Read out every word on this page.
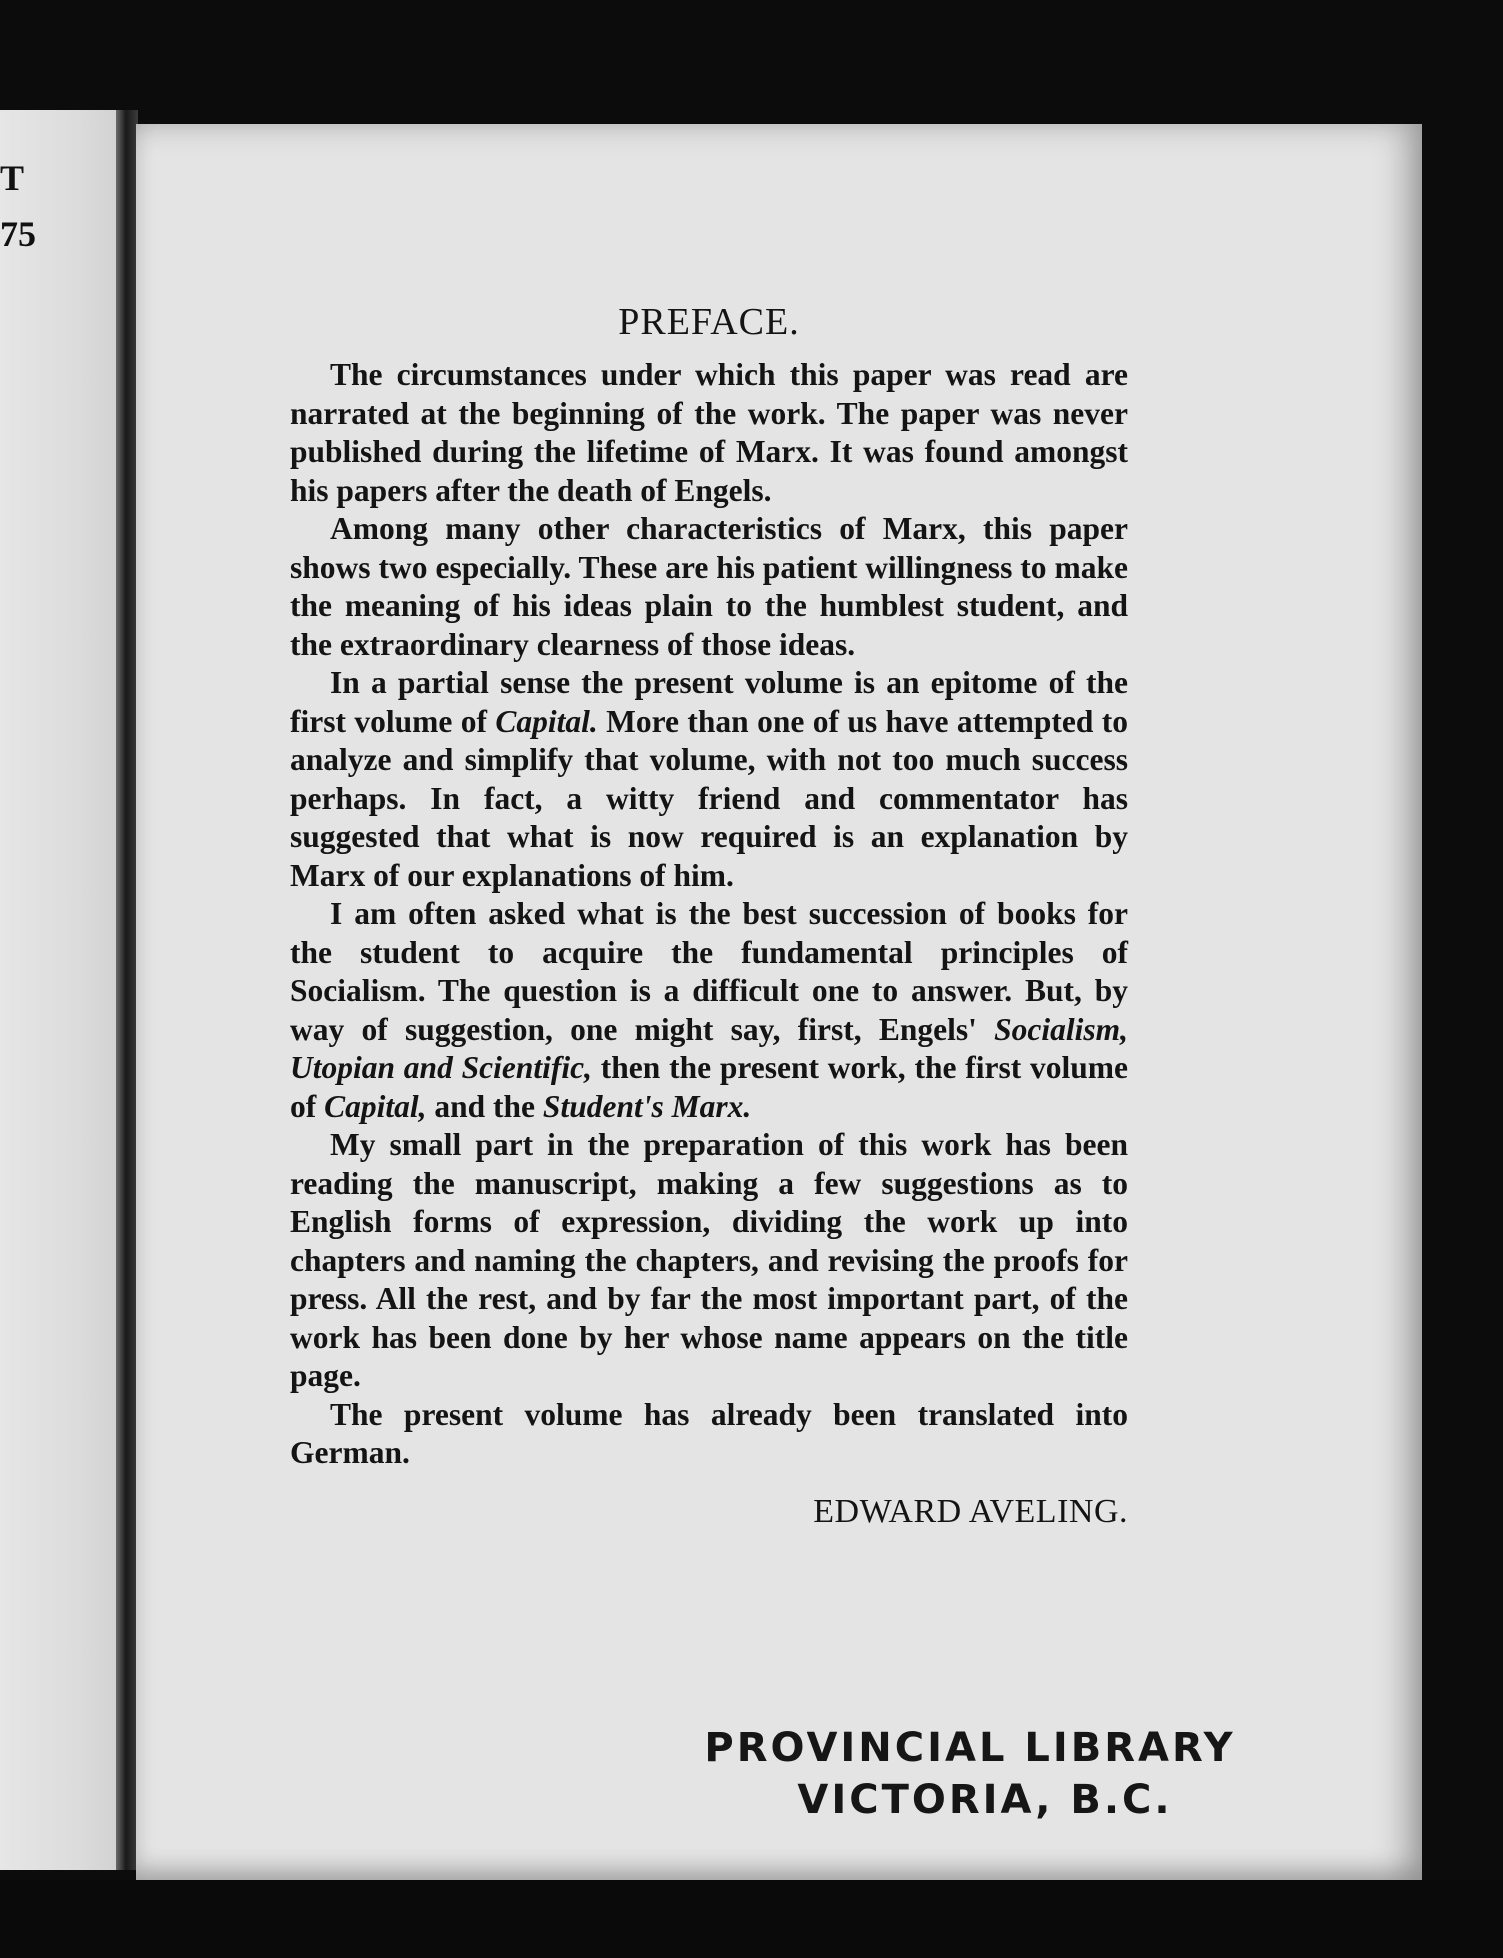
T
75
PREFACE.

The circumstances under which this paper was read are narrated at the beginning of the work. The paper was never published during the lifetime of Marx. It was found amongst his papers after the death of Engels.

Among many other characteristics of Marx, this paper shows two especially. These are his patient willingness to make the meaning of his ideas plain to the humblest student, and the extraordinary clearness of those ideas.

In a partial sense the present volume is an epitome of the first volume of Capital. More than one of us have attempted to analyze and simplify that volume, with not too much success perhaps. In fact, a witty friend and commentator has suggested that what is now required is an explanation by Marx of our explanations of him.

I am often asked what is the best succession of books for the student to acquire the fundamental principles of Socialism. The question is a difficult one to answer. But, by way of suggestion, one might say, first, Engels' Socialism, Utopian and Scientific, then the present work, the first volume of Capital, and the Student's Marx.

My small part in the preparation of this work has been reading the manuscript, making a few suggestions as to English forms of expression, dividing the work up into chapters and naming the chapters, and revising the proofs for press. All the rest, and by far the most important part, of the work has been done by her whose name appears on the title page.

The present volume has already been translated into German.

EDWARD AVELING.
PROVINCIAL LIBRARY
VICTORIA, B.C.
